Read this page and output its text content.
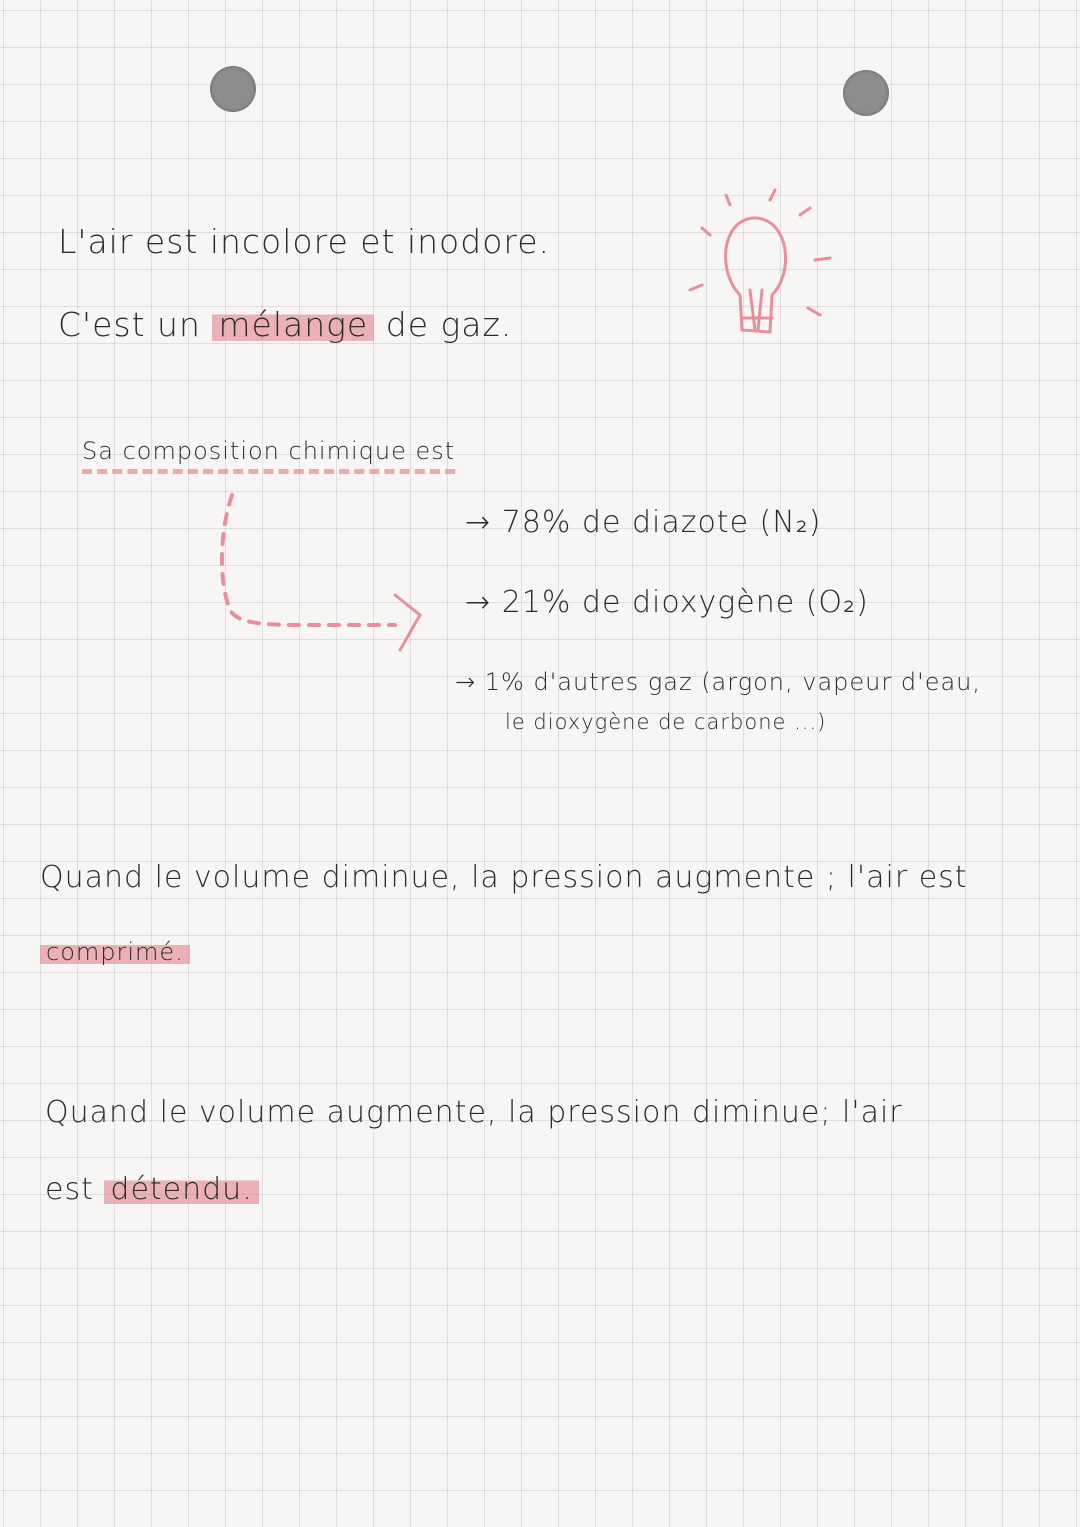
L'air est incolore et inodore.
C'est un mélange de gaz.
Sa composition chimique est
→ 78% de diazote (N₂)
→ 21% de dioxygène (O₂)
→ 1% d'autres gaz (argon, vapeur d'eau,
le dioxygène de carbone ...)
Quand le volume diminue, la pression augmente ; l'air est
comprimé.
Quand le volume augmente, la pression diminue; l'air
est détendu.
